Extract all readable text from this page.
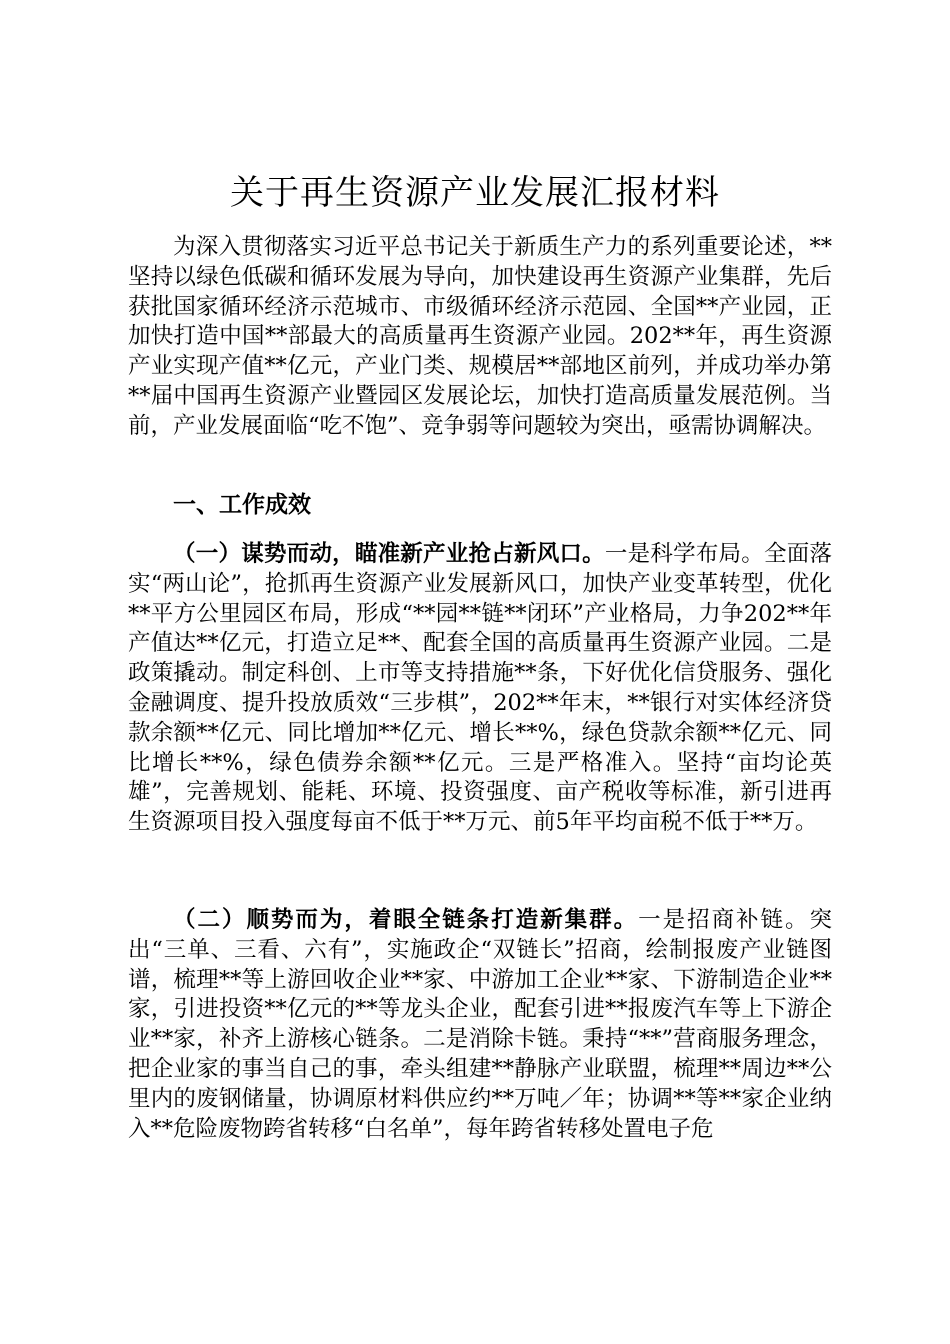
关于再生资源产业发展汇报材料

为深入贯彻落实习近平总书记关于新质生产力的系列重要论述，**坚持以绿色低碳和循环发展为导向，加快建设再生资源产业集群，先后获批国家循环经济示范城市、市级循环经济示范园、全国**产业园，正加快打造中国**部最大的高质量再生资源产业园。202**年，再生资源产业实现产值**亿元，产业门类、规模居**部地区前列，并成功举办第**届中国再生资源产业暨园区发展论坛，加快打造高质量发展范例。当前，产业发展面临“吃不饱”、竞争弱等问题较为突出，亟需协调解决。

一、工作成效

（一）谋势而动，瞄准新产业抢占新风口。一是科学布局。全面落实“两山论”，抢抓再生资源产业发展新风口，加快产业变革转型，优化**平方公里园区布局，形成“**园**链**闭环”产业格局，力争202**年产值达**亿元，打造立足**、配套全国的高质量再生资源产业园。二是政策撬动。制定科创、上市等支持措施**条，下好优化信贷服务、强化金融调度、提升投放质效“三步棋”，202**年末，**银行对实体经济贷款余额**亿元、同比增加**亿元、增长**%，绿色贷款余额**亿元、同比增长**%，绿色债券余额**亿元。三是严格准入。坚持“亩均论英雄”，完善规划、能耗、环境、投资强度、亩产税收等标准，新引进再生资源项目投入强度每亩不低于**万元、前5年平均亩税不低于**万。

（二）顺势而为，着眼全链条打造新集群。一是招商补链。突出“三单、三看、六有”，实施政企“双链长”招商，绘制报废产业链图谱，梳理**等上游回收企业**家、中游加工企业**家、下游制造企业**家，引进投资**亿元的**等龙头企业，配套引进**报废汽车等上下游企业**家，补齐上游核心链条。二是消除卡链。秉持“**”营商服务理念，把企业家的事当自己的事，牵头组建**静脉产业联盟，梳理**周边**公里内的废钢储量，协调原材料供应约**万吨／年；协调**等**家企业纳入**危险废物跨省转移“白名单”，每年跨省转移处置电子危
